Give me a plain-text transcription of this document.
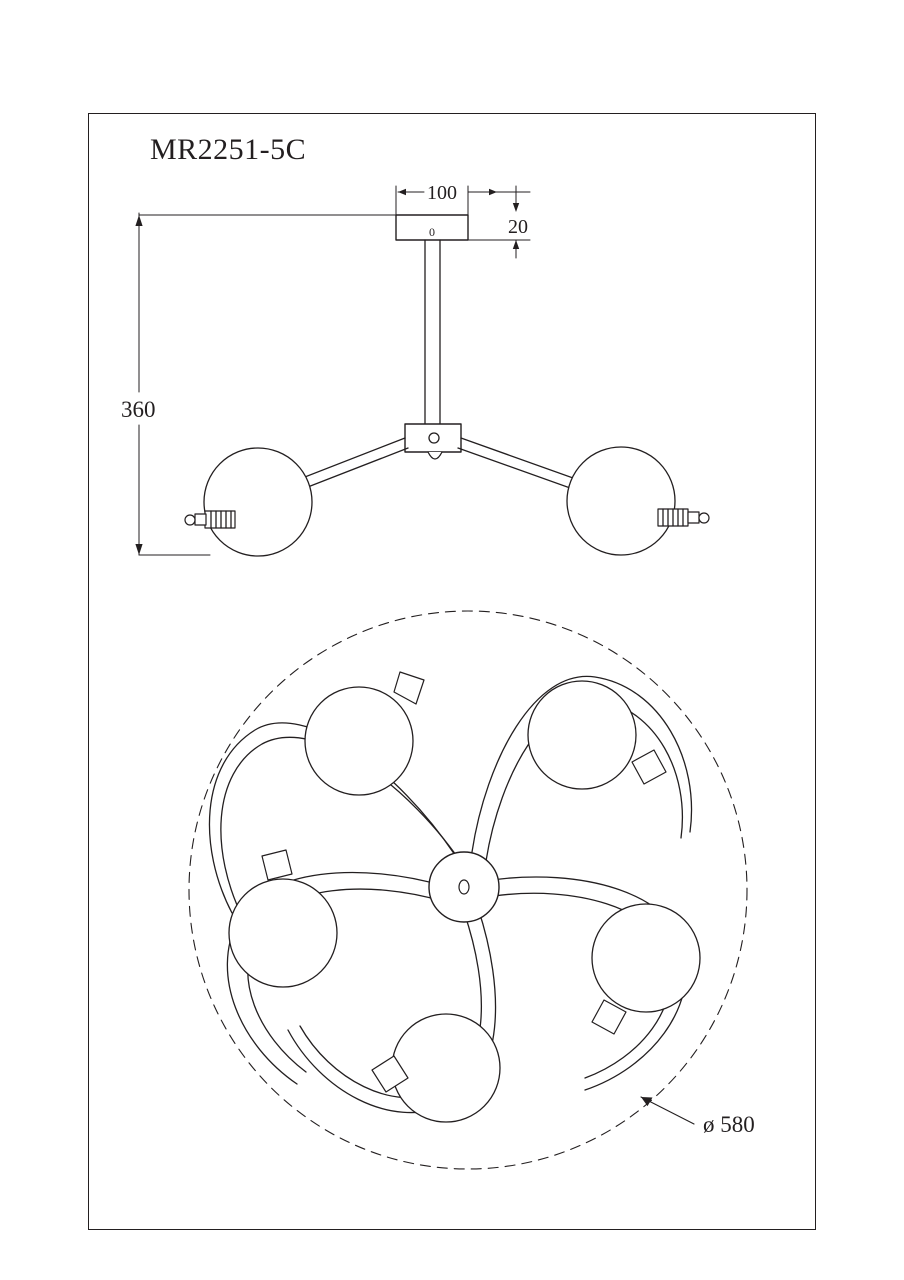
MR2251-5C
100
20
360
ø 580
0
